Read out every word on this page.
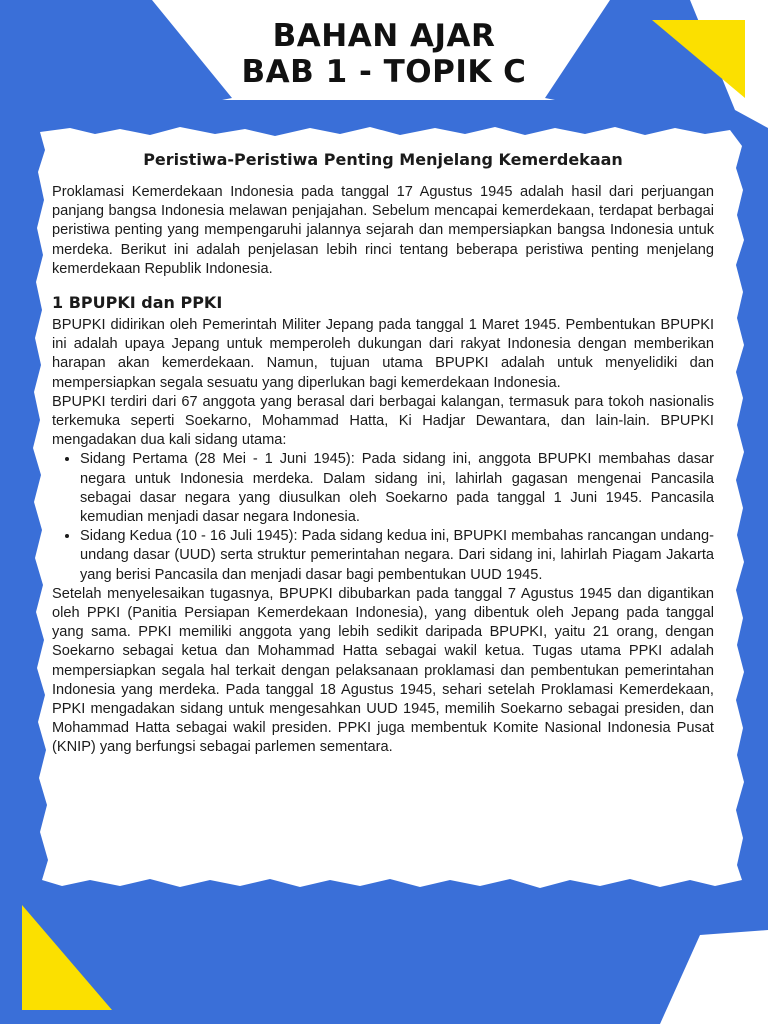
BAHAN AJAR
BAB 1 - TOPIK C
Peristiwa-Peristiwa Penting Menjelang Kemerdekaan

Proklamasi Kemerdekaan Indonesia pada tanggal 17 Agustus 1945 adalah hasil dari perjuangan panjang bangsa Indonesia melawan penjajahan. Sebelum mencapai kemerdekaan, terdapat berbagai peristiwa penting yang mempengaruhi jalannya sejarah dan mempersiapkan bangsa Indonesia untuk merdeka. Berikut ini adalah penjelasan lebih rinci tentang beberapa peristiwa penting menjelang kemerdekaan Republik Indonesia.

1 BPUPKI dan PPKI

BPUPKI didirikan oleh Pemerintah Militer Jepang pada tanggal 1 Maret 1945. Pembentukan BPUPKI ini adalah upaya Jepang untuk memperoleh dukungan dari rakyat Indonesia dengan memberikan harapan akan kemerdekaan. Namun, tujuan utama BPUPKI adalah untuk menyelidiki dan mempersiapkan segala sesuatu yang diperlukan bagi kemerdekaan Indonesia.

BPUPKI terdiri dari 67 anggota yang berasal dari berbagai kalangan, termasuk para tokoh nasionalis terkemuka seperti Soekarno, Mohammad Hatta, Ki Hadjar Dewantara, dan lain-lain. BPUPKI mengadakan dua kali sidang utama:

• Sidang Pertama (28 Mei - 1 Juni 1945): Pada sidang ini, anggota BPUPKI membahas dasar negara untuk Indonesia merdeka. Dalam sidang ini, lahirlah gagasan mengenai Pancasila sebagai dasar negara yang diusulkan oleh Soekarno pada tanggal 1 Juni 1945. Pancasila kemudian menjadi dasar negara Indonesia.
• Sidang Kedua (10 - 16 Juli 1945): Pada sidang kedua ini, BPUPKI membahas rancangan undang-undang dasar (UUD) serta struktur pemerintahan negara. Dari sidang ini, lahirlah Piagam Jakarta yang berisi Pancasila dan menjadi dasar bagi pembentukan UUD 1945.

Setelah menyelesaikan tugasnya, BPUPKI dibubarkan pada tanggal 7 Agustus 1945 dan digantikan oleh PPKI (Panitia Persiapan Kemerdekaan Indonesia), yang dibentuk oleh Jepang pada tanggal yang sama. PPKI memiliki anggota yang lebih sedikit daripada BPUPKI, yaitu 21 orang, dengan Soekarno sebagai ketua dan Mohammad Hatta sebagai wakil ketua. Tugas utama PPKI adalah mempersiapkan segala hal terkait dengan pelaksanaan proklamasi dan pembentukan pemerintahan Indonesia yang merdeka. Pada tanggal 18 Agustus 1945, sehari setelah Proklamasi Kemerdekaan, PPKI mengadakan sidang untuk mengesahkan UUD 1945, memilih Soekarno sebagai presiden, dan Mohammad Hatta sebagai wakil presiden. PPKI juga membentuk Komite Nasional Indonesia Pusat (KNIP) yang berfungsi sebagai parlemen sementara.
